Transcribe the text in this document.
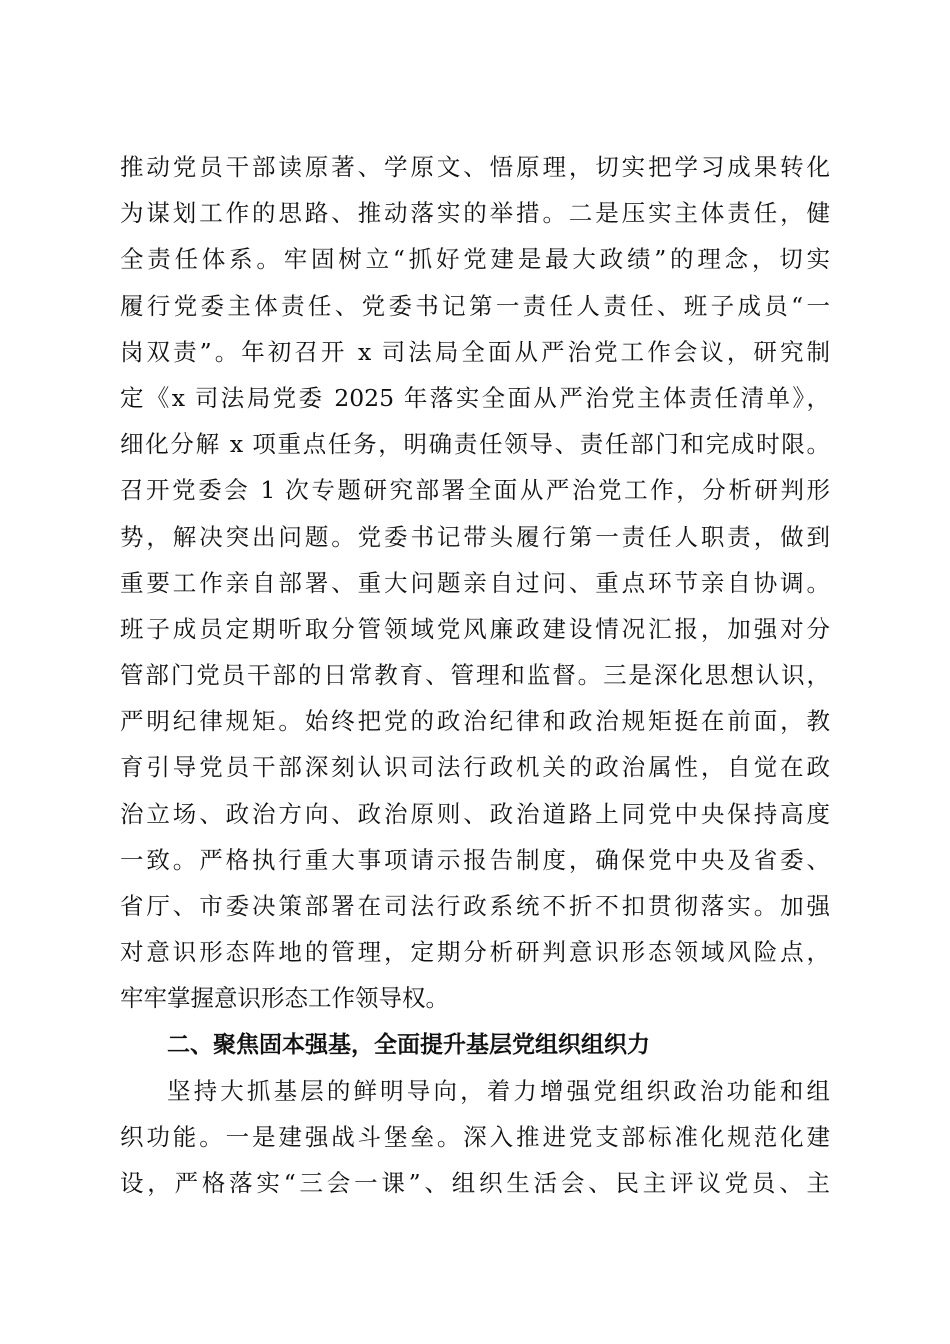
推动党员干部读原著、学原文、悟原理，切实把学习成果转化
为谋划工作的思路、推动落实的举措。二是压实主体责任，健
全责任体系。牢固树立“抓好党建是最大政绩”的理念，切实
履行党委主体责任、党委书记第一责任人责任、班子成员“一
岗双责”。年初召开 x 司法局全面从严治党工作会议，研究制
定《x 司法局党委 2025 年落实全面从严治党主体责任清单》，
细化分解 x 项重点任务，明确责任领导、责任部门和完成时限。
召开党委会 1 次专题研究部署全面从严治党工作，分析研判形
势，解决突出问题。党委书记带头履行第一责任人职责，做到
重要工作亲自部署、重大问题亲自过问、重点环节亲自协调。
班子成员定期听取分管领域党风廉政建设情况汇报，加强对分
管部门党员干部的日常教育、管理和监督。三是深化思想认识，
严明纪律规矩。始终把党的政治纪律和政治规矩挺在前面，教
育引导党员干部深刻认识司法行政机关的政治属性，自觉在政
治立场、政治方向、政治原则、政治道路上同党中央保持高度
一致。严格执行重大事项请示报告制度，确保党中央及省委、
省厅、市委决策部署在司法行政系统不折不扣贯彻落实。加强
对意识形态阵地的管理，定期分析研判意识形态领域风险点，
牢牢掌握意识形态工作领导权。
二、聚焦固本强基，全面提升基层党组织组织力
坚持大抓基层的鲜明导向，着力增强党组织政治功能和组
织功能。一是建强战斗堡垒。深入推进党支部标准化规范化建
设，严格落实“三会一课”、组织生活会、民主评议党员、主
